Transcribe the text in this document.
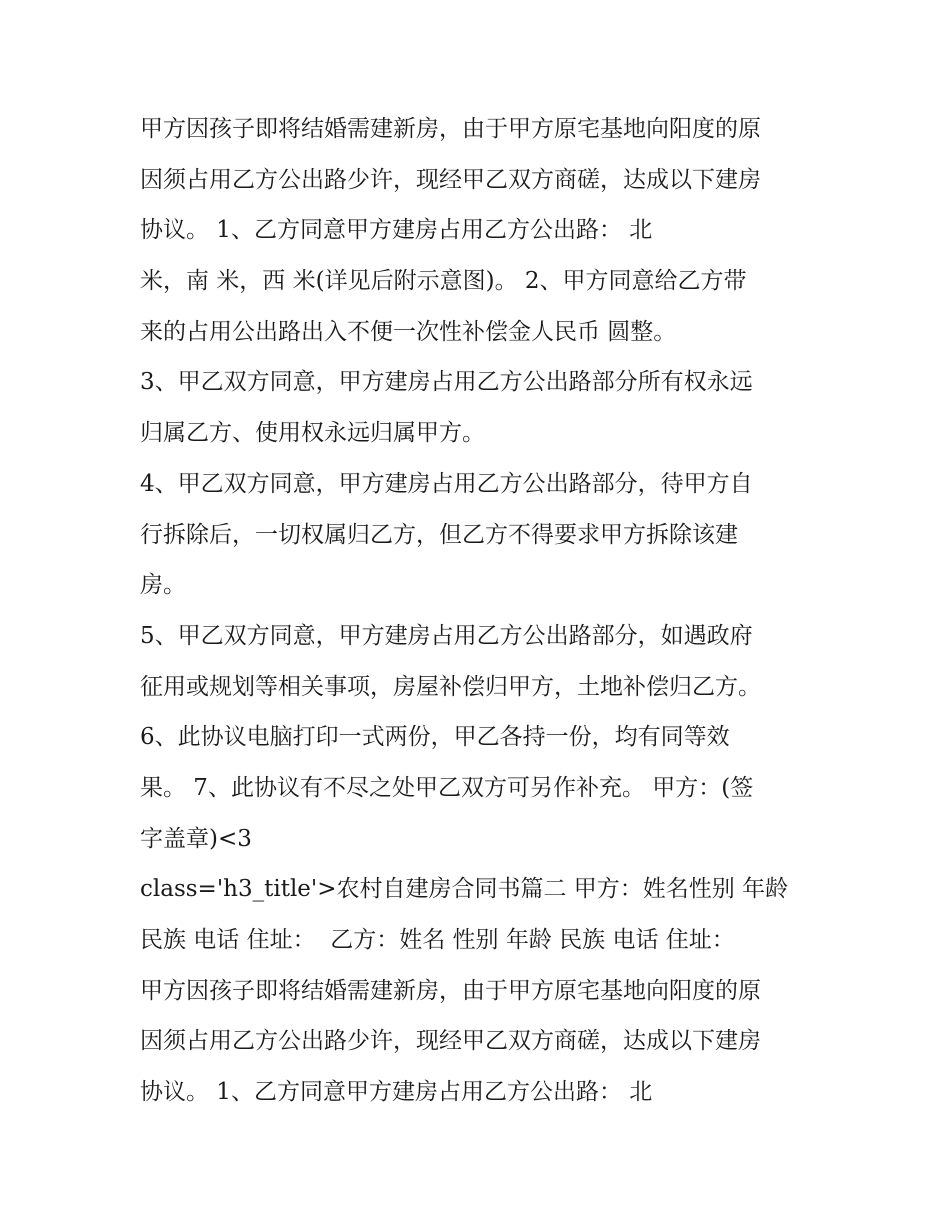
甲方因孩子即将结婚需建新房，由于甲方原宅基地向阳度的原
因须占用乙方公出路少许，现经甲乙双方商磋，达成以下建房
协议。 1、乙方同意甲方建房占用乙方公出路： 北
米，南 米，西 米(详见后附示意图)。 2、甲方同意给乙方带
来的占用公出路出入不便一次性补偿金人民币 圆整。
3、甲乙双方同意，甲方建房占用乙方公出路部分所有权永远
归属乙方、使用权永远归属甲方。
4、甲乙双方同意，甲方建房占用乙方公出路部分，待甲方自
行拆除后，一切权属归乙方，但乙方不得要求甲方拆除该建
房。
5、甲乙双方同意，甲方建房占用乙方公出路部分，如遇政府
征用或规划等相关事项，房屋补偿归甲方，土地补偿归乙方。
6、此协议电脑打印一式两份，甲乙各持一份，均有同等效
果。 7、此协议有不尽之处甲乙双方可另作补充。 甲方：(签
字盖章)<3
class='h3_title'>农村自建房合同书篇二 甲方：姓名性别 年龄
民族 电话 住址：  乙方：姓名 性别 年龄 民族 电话 住址：
甲方因孩子即将结婚需建新房，由于甲方原宅基地向阳度的原
因须占用乙方公出路少许，现经甲乙双方商磋，达成以下建房
协议。 1、乙方同意甲方建房占用乙方公出路： 北
